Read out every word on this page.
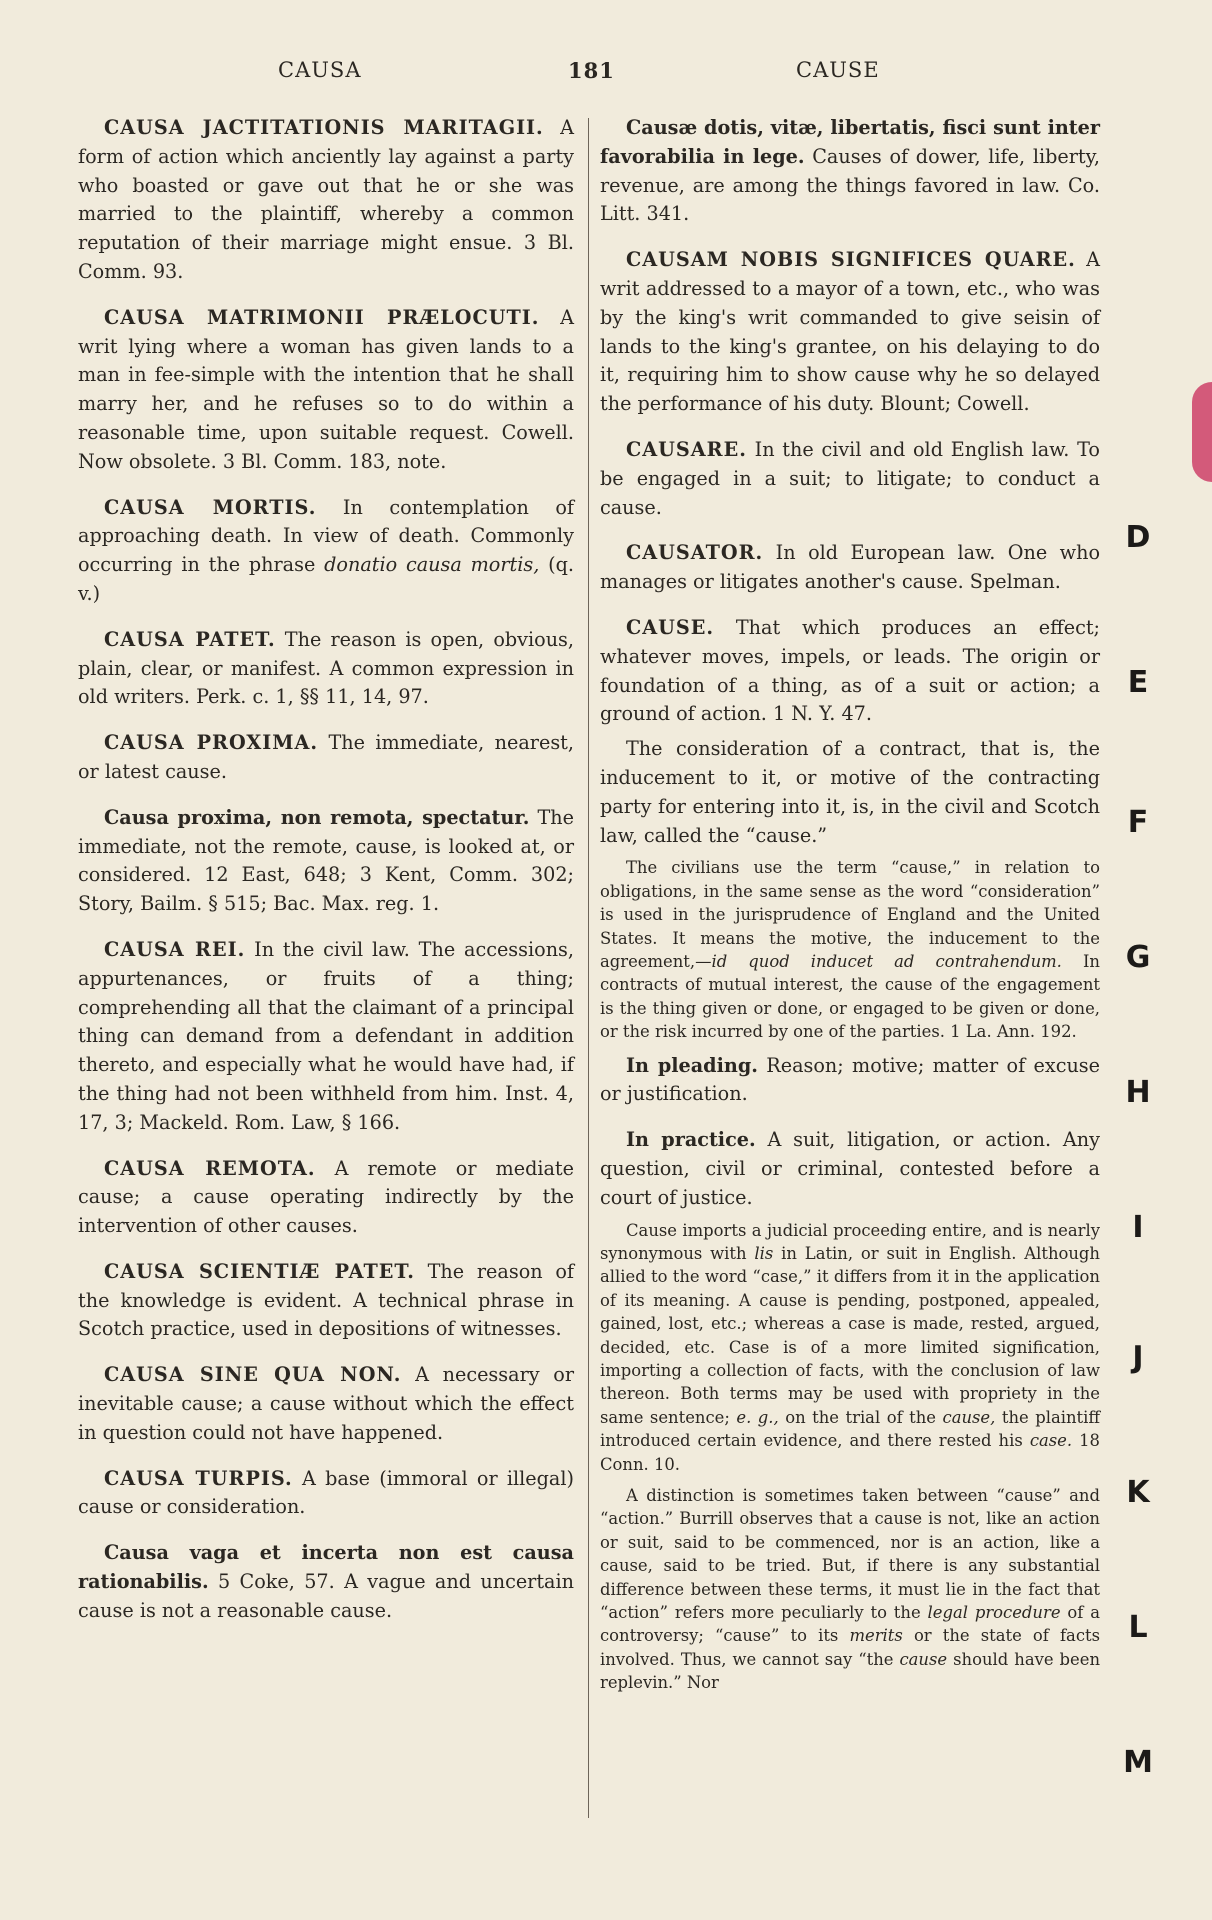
CAUSA	181	CAUSE

CAUSA JACTITATIONIS MARITAGII. A form of action which anciently lay against a party who boasted or gave out that he or she was married to the plaintiff, whereby a common reputation of their marriage might ensue. 3 Bl. Comm. 93.

CAUSA MATRIMONII PRÆLOCUTI. A writ lying where a woman has given lands to a man in fee-simple with the intention that he shall marry her, and he refuses so to do within a reasonable time, upon suitable request. Cowell. Now obsolete. 3 Bl. Comm. 183, note.

CAUSA MORTIS. In contemplation of approaching death. In view of death. Commonly occurring in the phrase donatio causa mortis, (q. v.)

CAUSA PATET. The reason is open, obvious, plain, clear, or manifest. A common expression in old writers. Perk. c. 1, §§ 11, 14, 97.

CAUSA PROXIMA. The immediate, nearest, or latest cause.

Causa proxima, non remota, spectatur. The immediate, not the remote, cause, is looked at, or considered. 12 East, 648; 3 Kent, Comm. 302; Story, Bailm. § 515; Bac. Max. reg. 1.

CAUSA REI. In the civil law. The accessions, appurtenances, or fruits of a thing; comprehending all that the claimant of a principal thing can demand from a defendant in addition thereto, and especially what he would have had, if the thing had not been withheld from him. Inst. 4, 17, 3; Mackeld. Rom. Law, § 166.

CAUSA REMOTA. A remote or mediate cause; a cause operating indirectly by the intervention of other causes.

CAUSA SCIENTIÆ PATET. The reason of the knowledge is evident. A technical phrase in Scotch practice, used in depositions of witnesses.

CAUSA SINE QUA NON. A necessary or inevitable cause; a cause without which the effect in question could not have happened.

CAUSA TURPIS. A base (immoral or illegal) cause or consideration.

Causa vaga et incerta non est causa rationabilis. 5 Coke, 57. A vague and uncertain cause is not a reasonable cause.

Causæ dotis, vitæ, libertatis, fisci sunt inter favorabilia in lege. Causes of dower, life, liberty, revenue, are among the things favored in law. Co. Litt. 341.

CAUSAM NOBIS SIGNIFICES QUARE. A writ addressed to a mayor of a town, etc., who was by the king's writ commanded to give seisin of lands to the king's grantee, on his delaying to do it, requiring him to show cause why he so delayed the performance of his duty. Blount; Cowell.

CAUSARE. In the civil and old English law. To be engaged in a suit; to litigate; to conduct a cause.

CAUSATOR. In old European law. One who manages or litigates another's cause. Spelman.

CAUSE. That which produces an effect; whatever moves, impels, or leads. The origin or foundation of a thing, as of a suit or action; a ground of action. 1 N. Y. 47.

The consideration of a contract, that is, the inducement to it, or motive of the contracting party for entering into it, is, in the civil and Scotch law, called the “cause.”

The civilians use the term “cause,” in relation to obligations, in the same sense as the word “consideration” is used in the jurisprudence of England and the United States. It means the motive, the inducement to the agreement,—id quod inducet ad contrahendum. In contracts of mutual interest, the cause of the engagement is the thing given or done, or engaged to be given or done, or the risk incurred by one of the parties. 1 La. Ann. 192.

In pleading. Reason; motive; matter of excuse or justification.

In practice. A suit, litigation, or action. Any question, civil or criminal, contested before a court of justice.

Cause imports a judicial proceeding entire, and is nearly synonymous with lis in Latin, or suit in English. Although allied to the word “case,” it differs from it in the application of its meaning. A cause is pending, postponed, appealed, gained, lost, etc.; whereas a case is made, rested, argued, decided, etc. Case is of a more limited signification, importing a collection of facts, with the conclusion of law thereon. Both terms may be used with propriety in the same sentence; e. g., on the trial of the cause, the plaintiff introduced certain evidence, and there rested his case. 18 Conn. 10.

A distinction is sometimes taken between “cause” and “action.” Burrill observes that a cause is not, like an action or suit, said to be commenced, nor is an action, like a cause, said to be tried. But, if there is any substantial difference between these terms, it must lie in the fact that “action” refers more peculiarly to the legal procedure of a controversy; “cause” to its merits or the state of facts involved. Thus, we cannot say “the cause should have been replevin.” Nor

D
E
F
G
H
I
J
K
L
M
